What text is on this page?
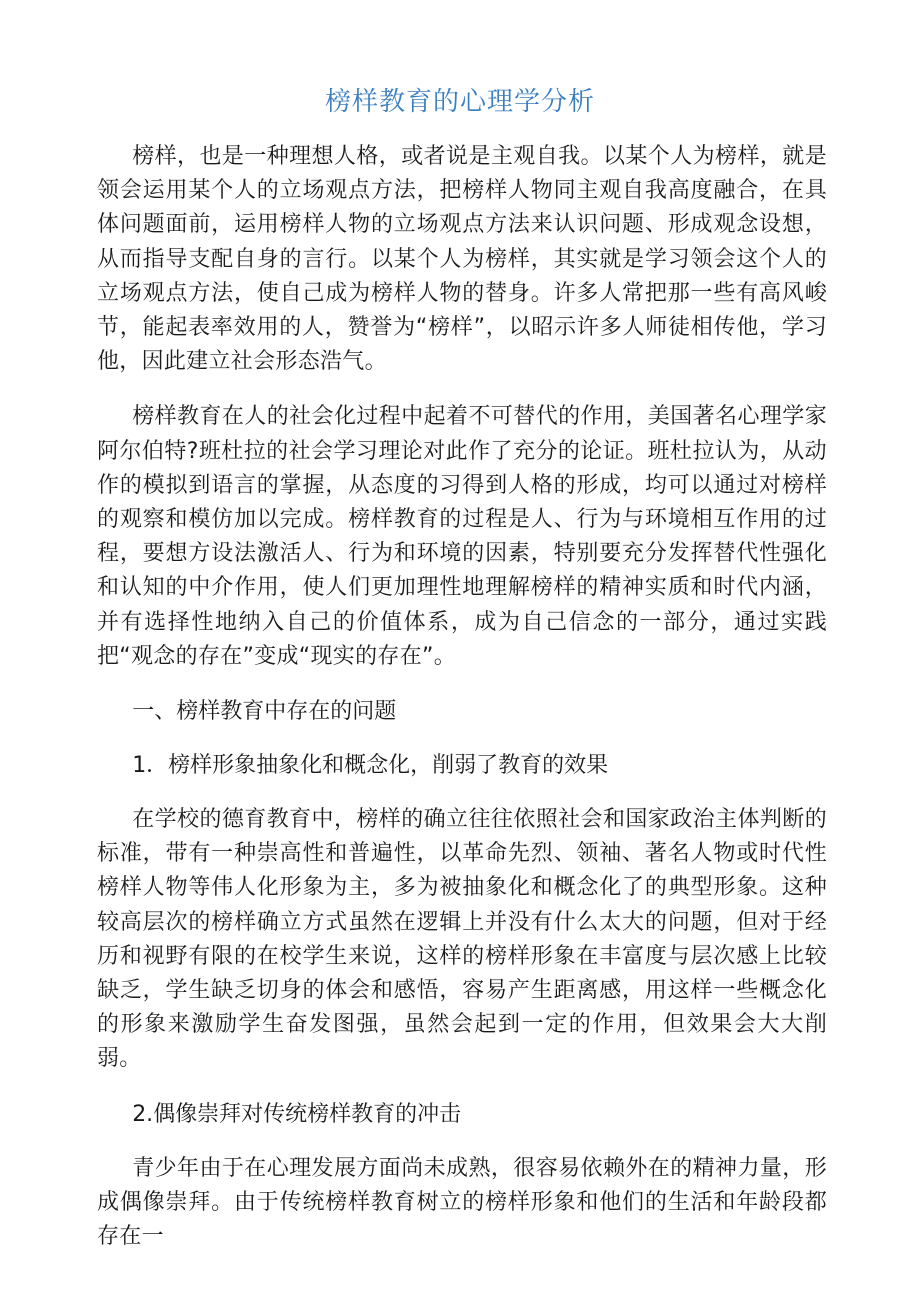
榜样教育的心理学分析

榜样，也是一种理想人格，或者说是主观自我。以某个人为榜样，就是领会运用某个人的立场观点方法，把榜样人物同主观自我高度融合，在具体问题面前，运用榜样人物的立场观点方法来认识问题、形成观念设想，从而指导支配自身的言行。以某个人为榜样，其实就是学习领会这个人的立场观点方法，使自己成为榜样人物的替身。许多人常把那一些有高风峻节，能起表率效用的人，赞誉为“榜样”，以昭示许多人师徒相传他，学习他，因此建立社会形态浩气。

榜样教育在人的社会化过程中起着不可替代的作用，美国著名心理学家阿尔伯特?班杜拉的社会学习理论对此作了充分的论证。班杜拉认为，从动作的模拟到语言的掌握，从态度的习得到人格的形成，均可以通过对榜样的观察和模仿加以完成。榜样教育的过程是人、行为与环境相互作用的过程，要想方设法激活人、行为和环境的因素，特别要充分发挥替代性强化和认知的中介作用，使人们更加理性地理解榜样的精神实质和时代内涵，并有选择性地纳入自己的价值体系，成为自己信念的一部分，通过实践把“观念的存在”变成“现实的存在”。

一、榜样教育中存在的问题

1．榜样形象抽象化和概念化，削弱了教育的效果

在学校的德育教育中，榜样的确立往往依照社会和国家政治主体判断的标准，带有一种崇高性和普遍性，以革命先烈、领袖、著名人物或时代性榜样人物等伟人化形象为主，多为被抽象化和概念化了的典型形象。这种较高层次的榜样确立方式虽然在逻辑上并没有什么太大的问题，但对于经历和视野有限的在校学生来说，这样的榜样形象在丰富度与层次感上比较缺乏，学生缺乏切身的体会和感悟，容易产生距离感，用这样一些概念化的形象来激励学生奋发图强，虽然会起到一定的作用，但效果会大大削弱。

2.偶像崇拜对传统榜样教育的冲击

青少年由于在心理发展方面尚未成熟，很容易依赖外在的精神力量，形成偶像崇拜。由于传统榜样教育树立的榜样形象和他们的生活和年龄段都存在一
